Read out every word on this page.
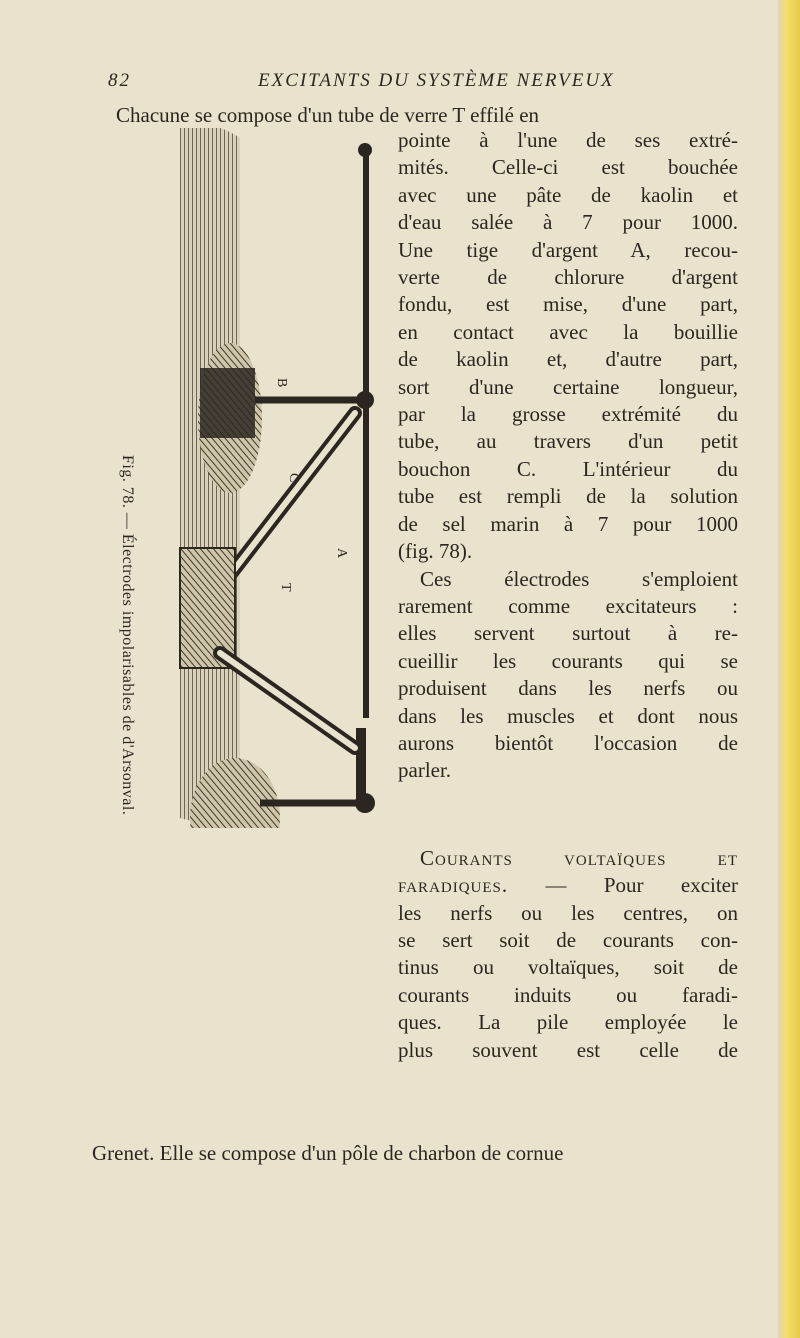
82	EXCITANTS DU SYSTÈME NERVEUX
Chacune se compose d'un tube de verre T effilé en
Fig. 78. — Électrodes impolarisables de d'Arsonval.
B
C
A
T

pointe à l'une de ses extré-
mités. Celle-ci est bouchée
avec une pâte de kaolin et
d'eau salée à 7 pour 1000.
Une tige d'argent A, recou-
verte de chlorure d'argent
fondu, est mise, d'une part,
en contact avec la bouillie
de kaolin et, d'autre part,
sort d'une certaine longueur,
par la grosse extrémité du
tube, au travers d'un petit
bouchon C. L'intérieur du
tube est rempli de la solution
de sel marin à 7 pour 1000
(fig. 78).

Ces électrodes s'emploient
rarement comme excitateurs :
elles servent surtout à re-
cueillir les courants qui se
produisent dans les nerfs ou
dans les muscles et dont nous
aurons bientôt l'occasion de
parler.

Courants voltaïques et
faradiques. — Pour exciter
les nerfs ou les centres, on
se sert soit de courants con-
tinus ou voltaïques, soit de
courants induits ou faradi-
ques. La pile employée le
plus souvent est celle de

Grenet. Elle se compose d'un pôle de charbon de cornue
